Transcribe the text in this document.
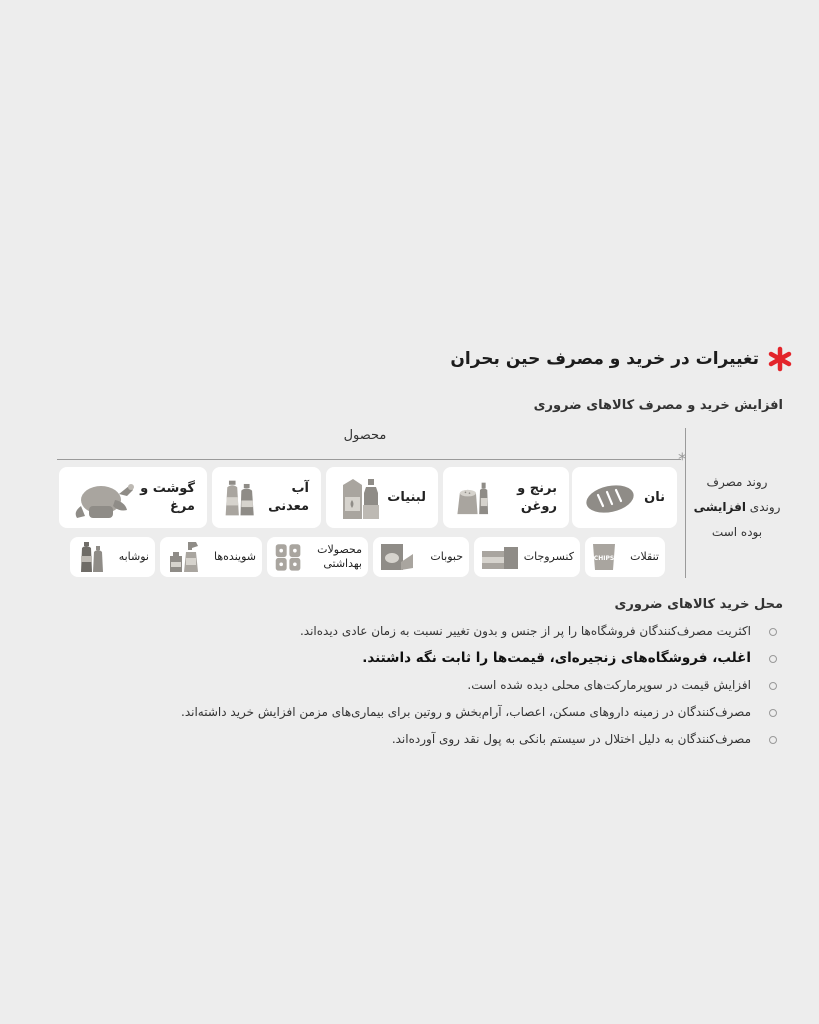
تغییرات در خرید و مصرف حین بحران
افزایش خرید و مصرف کالاهای ضروری
محصول
*
روند مصرف
روندی افزایشی
بوده است
نان
برنج و روغن
لبنیات
آب معدنی
گوشت و مرغ
تنقلات
CHIPS
کنسروجات
حبوبات
محصولات بهداشتی
شوینده‌ها
نوشابه
محل خرید کالاهای ضروری
اکثریت مصرف‌کنندگان فروشگاه‌ها را پر از جنس و بدون تغییر نسبت به زمان عادی دیده‌اند.
اغلب، فروشگاه‌های زنجیره‌ای، قیمت‌ها را ثابت نگه داشتند.
افزایش قیمت در سوپرمارکت‌های محلی دیده شده است.
مصرف‌کنندگان در زمینه داروهای مسکن، اعصاب، آرام‌بخش و روتین برای بیماری‌های مزمن افزایش خرید داشته‌اند.
مصرف‌کنندگان به دلیل اختلال در سیستم بانکی به پول نقد روی آورده‌اند.
